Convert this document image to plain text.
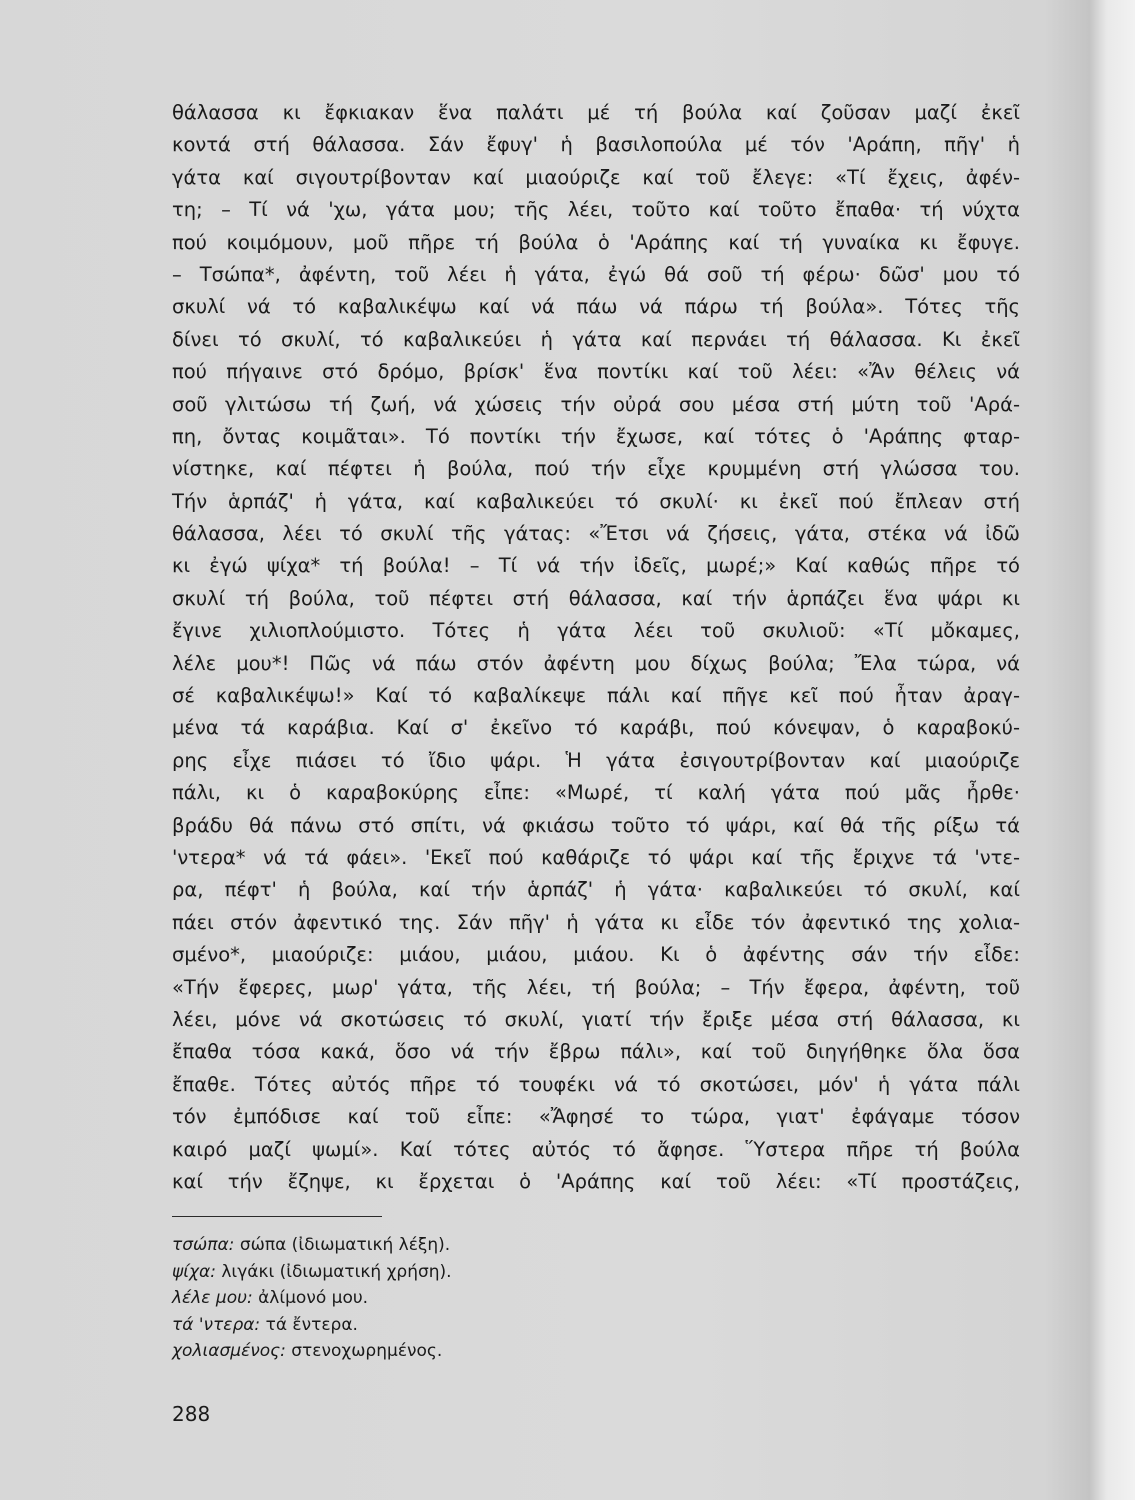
θάλασσα κι ἔφκιακαν ἕνα παλάτι μέ τή βούλα καί ζοῦσαν μαζί ἐκεῖ
κοντά στή θάλασσα. Σάν ἔφυγ' ἡ βασιλοπούλα μέ τόν 'Αράπη, πῆγ' ἡ
γάτα καί σιγουτρίβονταν καί μιαούριζε καί τοῦ ἔλεγε: «Τί ἔχεις, ἀφέν-
τη; – Τί νά 'χω, γάτα μου; τῆς λέει, τοῦτο καί τοῦτο ἔπαθα· τή νύχτα
πού κοιμόμουν, μοῦ πῆρε τή βούλα ὁ 'Αράπης καί τή γυναίκα κι ἔφυγε.
– Τσώπα*, ἀφέντη, τοῦ λέει ἡ γάτα, ἐγώ θά σοῦ τή φέρω· δῶσ' μου τό
σκυλί νά τό καβαλικέψω καί νά πάω νά πάρω τή βούλα». Τότες τῆς
δίνει τό σκυλί, τό καβαλικεύει ἡ γάτα καί περνάει τή θάλασσα. Κι ἐκεῖ
πού πήγαινε στό δρόμο, βρίσκ' ἕνα ποντίκι καί τοῦ λέει: «Ἄν θέλεις νά
σοῦ γλιτώσω τή ζωή, νά χώσεις τήν οὐρά σου μέσα στή μύτη τοῦ 'Αρά-
πη, ὄντας κοιμᾶται». Τό ποντίκι τήν ἔχωσε, καί τότες ὁ 'Αράπης φταρ-
νίστηκε, καί πέφτει ἡ βούλα, πού τήν εἶχε κρυμμένη στή γλώσσα του.
Τήν ἁρπάζ' ἡ γάτα, καί καβαλικεύει τό σκυλί· κι ἐκεῖ πού ἔπλεαν στή
θάλασσα, λέει τό σκυλί τῆς γάτας: «Ἔτσι νά ζήσεις, γάτα, στέκα νά ἰδῶ
κι ἐγώ ψίχα* τή βούλα! – Τί νά τήν ἰδεῖς, μωρέ;» Καί καθώς πῆρε τό
σκυλί τή βούλα, τοῦ πέφτει στή θάλασσα, καί τήν ἁρπάζει ἕνα ψάρι κι
ἔγινε χιλιοπλούμιστο. Τότες ἡ γάτα λέει τοῦ σκυλιοῦ: «Τί μὄκαμες,
λέλε μου*! Πῶς νά πάω στόν ἀφέντη μου δίχως βούλα; Ἔλα τώρα, νά
σέ καβαλικέψω!» Καί τό καβαλίκεψε πάλι καί πῆγε κεῖ πού ἦταν ἀραγ-
μένα τά καράβια. Καί σ' ἐκεῖνο τό καράβι, πού κόνεψαν, ὁ καραβοκύ-
ρης εἶχε πιάσει τό ἴδιο ψάρι. Ἡ γάτα ἐσιγουτρίβονταν καί μιαούριζε
πάλι, κι ὁ καραβοκύρης εἶπε: «Μωρέ, τί καλή γάτα πού μᾶς ἦρθε·
βράδυ θά πάνω στό σπίτι, νά φκιάσω τοῦτο τό ψάρι, καί θά τῆς ρίξω τά
'ντερα* νά τά φάει». 'Εκεῖ πού καθάριζε τό ψάρι καί τῆς ἔριχνε τά 'ντε-
ρα, πέφτ' ἡ βούλα, καί τήν ἁρπάζ' ἡ γάτα· καβαλικεύει τό σκυλί, καί
πάει στόν ἀφεντικό της. Σάν πῆγ' ἡ γάτα κι εἶδε τόν ἀφεντικό της χολια-
σμένο*, μιαούριζε: μιάου, μιάου, μιάου. Κι ὁ ἀφέντης σάν τήν εἶδε:
«Τήν ἔφερες, μωρ' γάτα, τῆς λέει, τή βούλα; – Τήν ἔφερα, ἀφέντη, τοῦ
λέει, μόνε νά σκοτώσεις τό σκυλί, γιατί τήν ἔριξε μέσα στή θάλασσα, κι
ἔπαθα τόσα κακά, ὅσο νά τήν ἔβρω πάλι», καί τοῦ διηγήθηκε ὅλα ὅσα
ἔπαθε. Τότες αὐτός πῆρε τό τουφέκι νά τό σκοτώσει, μόν' ἡ γάτα πάλι
τόν ἐμπόδισε καί τοῦ εἶπε: «Ἄφησέ το τώρα, γιατ' ἐφάγαμε τόσον
καιρό μαζί ψωμί». Καί τότες αὐτός τό ἄφησε. Ὕστερα πῆρε τή βούλα
καί τήν ἔζηψε, κι ἔρχεται ὁ 'Αράπης καί τοῦ λέει: «Τί προστάζεις,
τσώπα: σώπα (ἰδιωματική λέξη).
ψίχα: λιγάκι (ἰδιωματική χρήση).
λέλε μου: ἀλίμονό μου.
τά 'ντερα: τά ἔντερα.
χολιασμένος: στενοχωρημένος.
288
